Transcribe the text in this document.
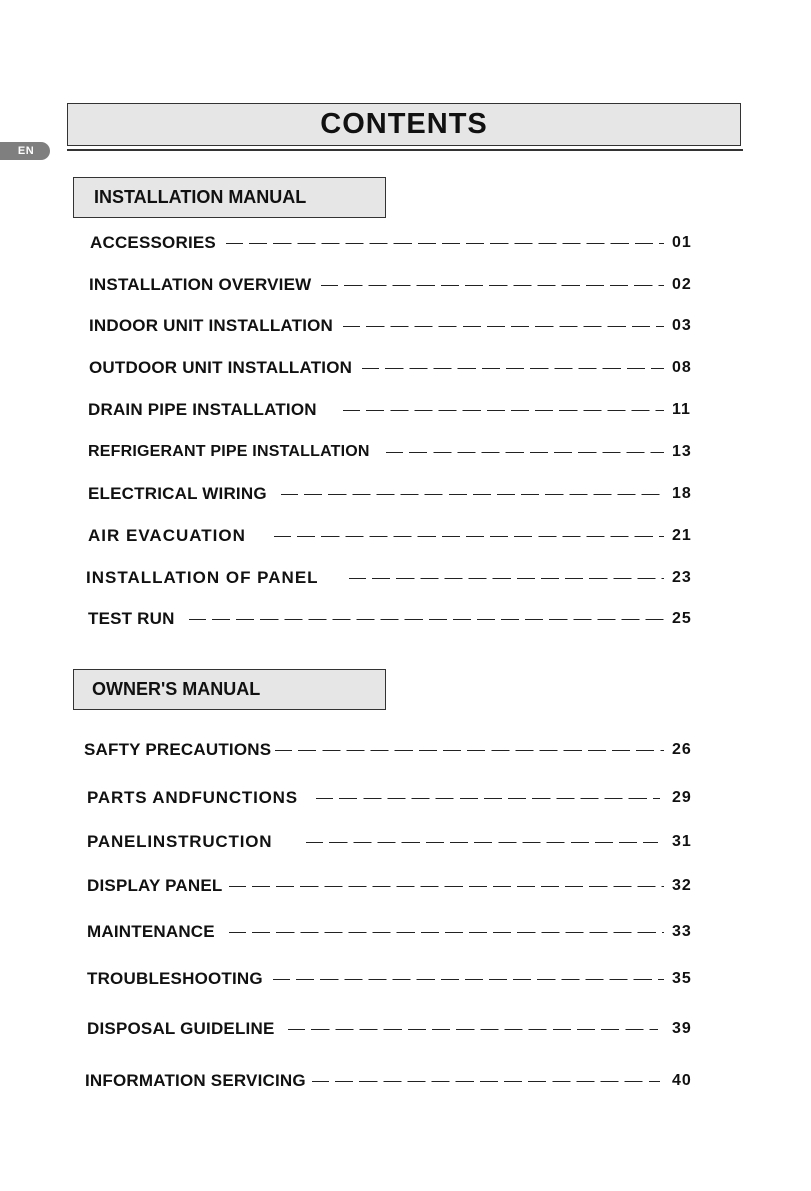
EN
CONTENTS
INSTALLATION MANUAL
ACCESSORIES	01
INSTALLATION OVERVIEW	02
INDOOR UNIT INSTALLATION	03
OUTDOOR UNIT INSTALLATION	08
DRAIN PIPE INSTALLATION	11
REFRIGERANT PIPE INSTALLATION	13
ELECTRICAL WIRING	18
AIR EVACUATION	21
INSTALLATION OF PANEL	23
TEST RUN	25
OWNER'S MANUAL
SAFTY PRECAUTIONS	26
PARTS ANDFUNCTIONS	29
PANELINSTRUCTION	31
DISPLAY PANEL	32
MAINTENANCE	33
TROUBLESHOOTING	35
DISPOSAL GUIDELINE	39
INFORMATION SERVICING	40
